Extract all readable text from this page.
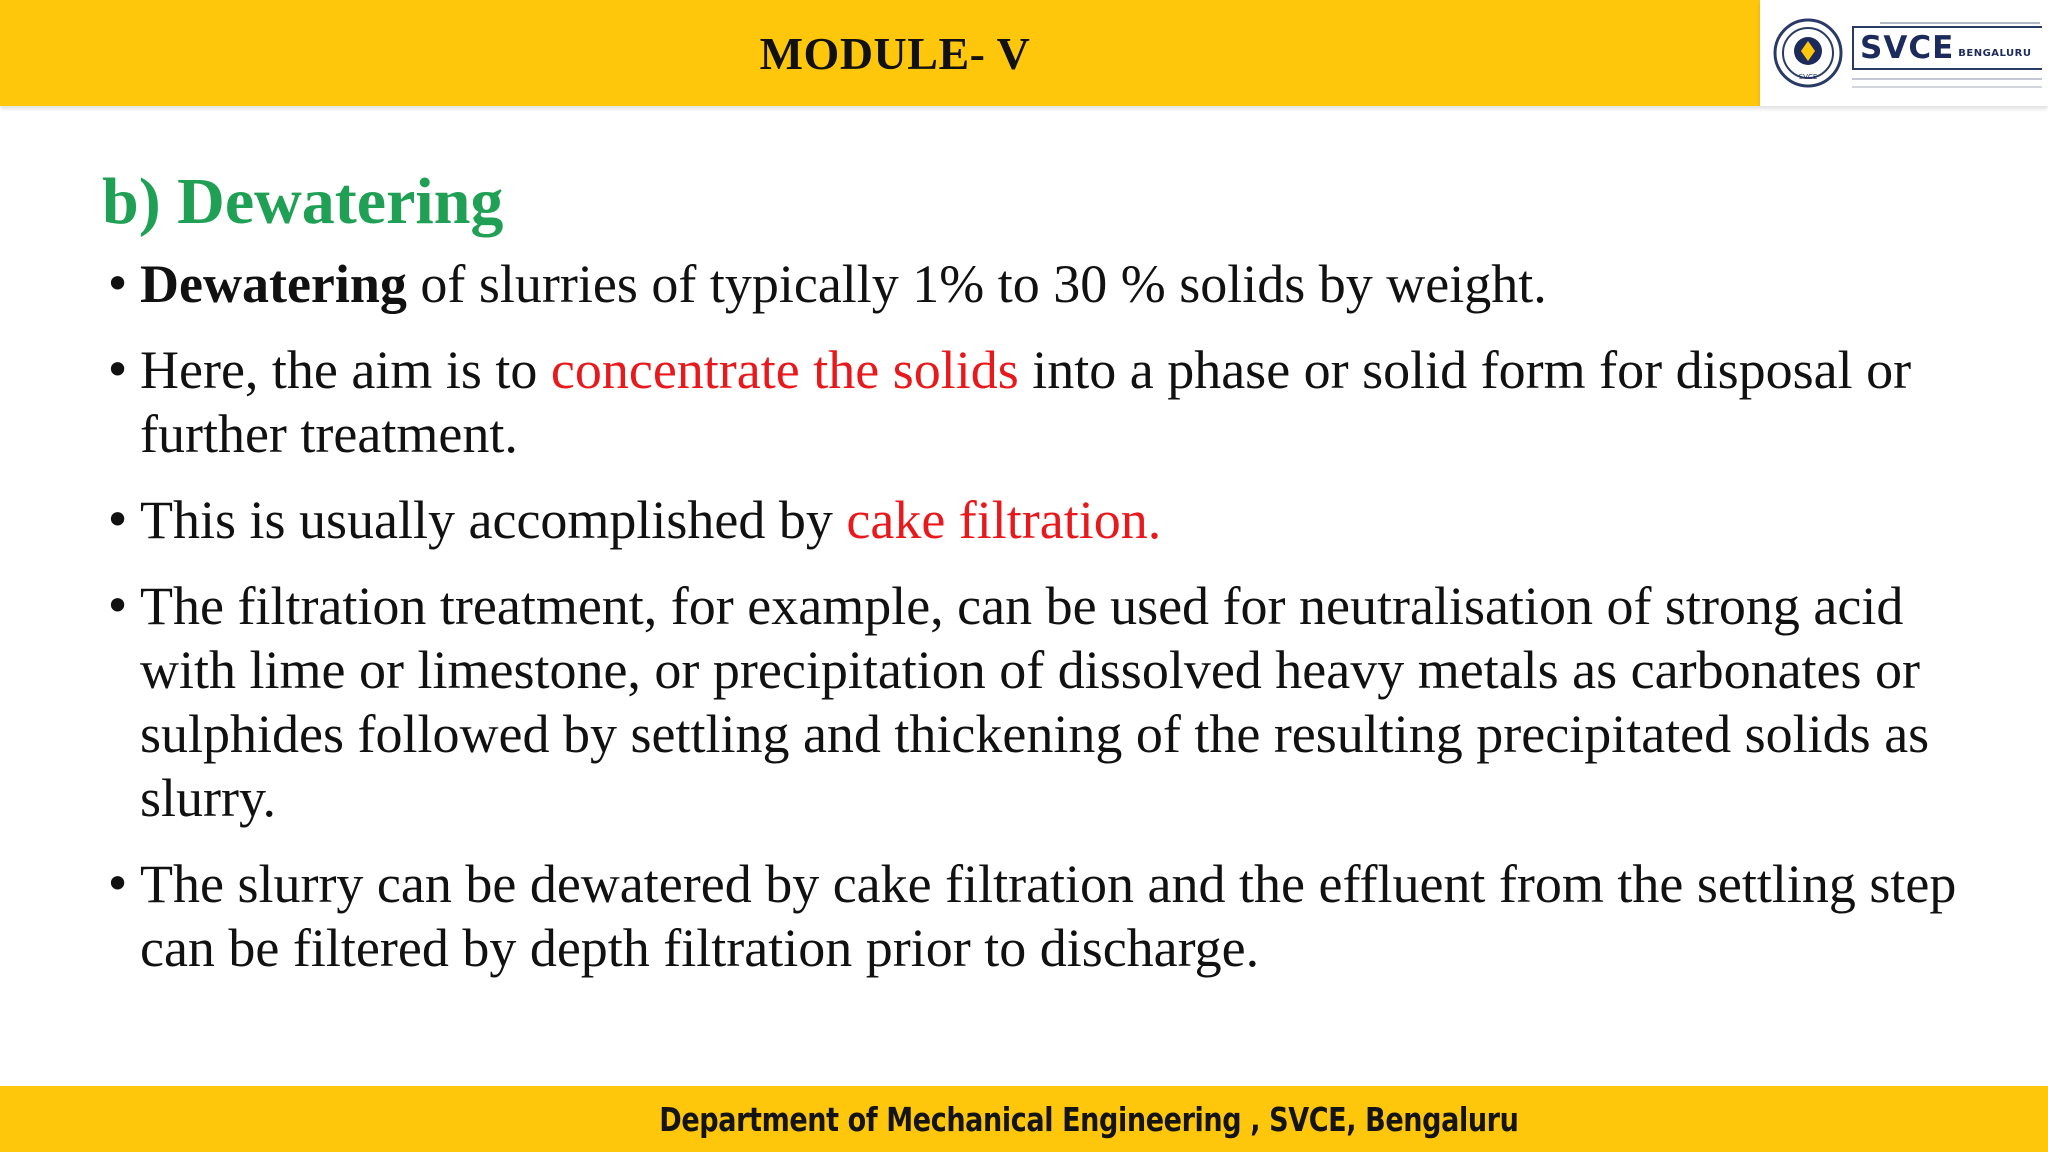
MODULE- V	SVCE
SVCE BENGALURU
b) Dewatering
• Dewatering of slurries of typically 1% to 30 % solids by weight.
• Here, the aim is to concentrate the solids into a phase or solid form for disposal or further treatment.
• This is usually accomplished by cake filtration.
• The filtration treatment, for example, can be used for neutralisation of strong acid with lime or limestone, or precipitation of dissolved heavy metals as carbonates or sulphides followed by settling and thickening of the resulting precipitated solids as slurry.
• The slurry can be dewatered by cake filtration and the effluent from the settling step can be filtered by depth filtration prior to discharge.
Department of Mechanical Engineering , SVCE, Bengaluru
